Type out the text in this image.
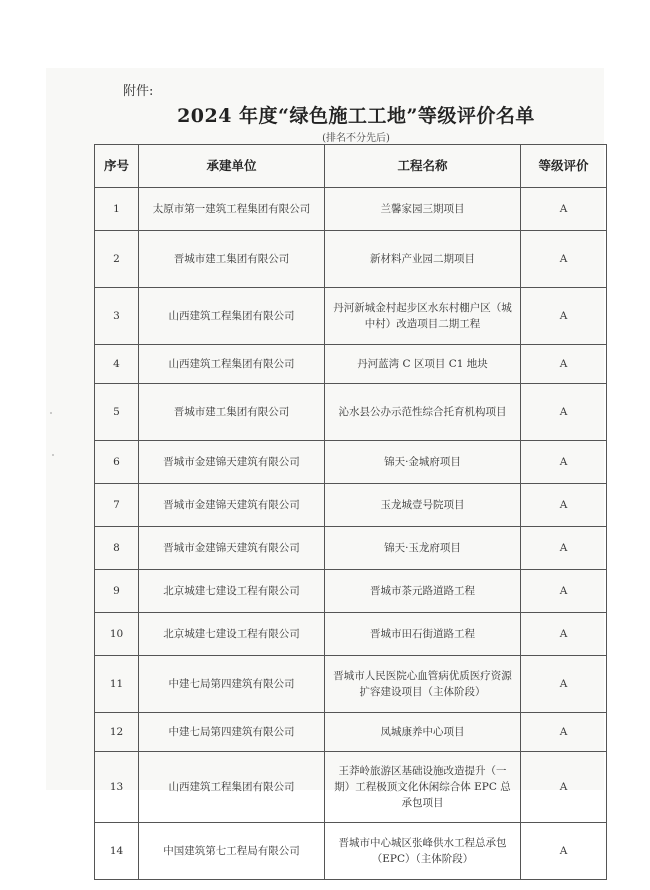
附件:
2024 年度“绿色施工工地”等级评价名单
(排名不分先后)
序号	承建单位	工程名称	等级评价
1	太原市第一建筑工程集团有限公司	兰馨家园三期项目	A
2	晋城市建工集团有限公司	新材料产业园二期项目	A
3	山西建筑工程集团有限公司	丹河新城金村起步区水东村棚户区（城中村）改造项目二期工程	A
4	山西建筑工程集团有限公司	丹河蓝湾 C 区项目 C1 地块	A
5	晋城市建工集团有限公司	沁水县公办示范性综合托育机构项目	A
6	晋城市金建锦天建筑有限公司	锦天·金城府项目	A
7	晋城市金建锦天建筑有限公司	玉龙城壹号院项目	A
8	晋城市金建锦天建筑有限公司	锦天·玉龙府项目	A
9	北京城建七建设工程有限公司	晋城市茶元路道路工程	A
10	北京城建七建设工程有限公司	晋城市田石街道路工程	A
11	中建七局第四建筑有限公司	晋城市人民医院心血管病优质医疗资源扩容建设项目（主体阶段）	A
12	中建七局第四建筑有限公司	凤城康养中心项目	A
13	山西建筑工程集团有限公司	王莽岭旅游区基础设施改造提升（一期）工程极顶文化休闲综合体 EPC 总承包项目	A
14	中国建筑第七工程局有限公司	晋城市中心城区张峰供水工程总承包（EPC）（主体阶段）	A
